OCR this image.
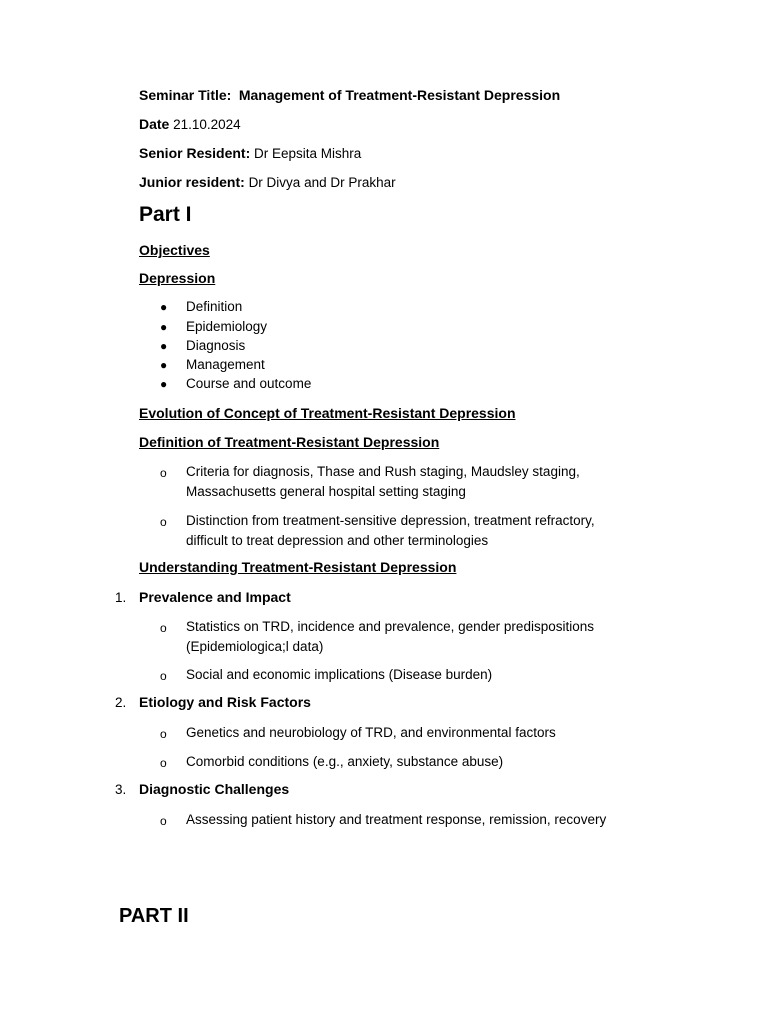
Seminar Title: Management of Treatment-Resistant Depression
Date 21.10.2024
Senior Resident: Dr Eepsita Mishra
Junior resident: Dr Divya and Dr Prakhar
Part I
Objectives
Depression
● Definition
● Epidemiology
● Diagnosis
● Management
● Course and outcome
Evolution of Concept of Treatment-Resistant Depression
Definition of Treatment-Resistant Depression
o	Criteria for diagnosis, Thase and Rush staging, Maudsley staging, Massachusetts general hospital setting staging
o	Distinction from treatment-sensitive depression, treatment refractory, difficult to treat depression and other terminologies
Understanding Treatment-Resistant Depression
1. Prevalence and Impact
o	Statistics on TRD, incidence and prevalence, gender predispositions (Epidemiologica;l data)
o	Social and economic implications (Disease burden)
2. Etiology and Risk Factors
o	Genetics and neurobiology of TRD, and environmental factors
o	Comorbid conditions (e.g., anxiety, substance abuse)
3. Diagnostic Challenges
o	Assessing patient history and treatment response, remission, recovery
PART II
